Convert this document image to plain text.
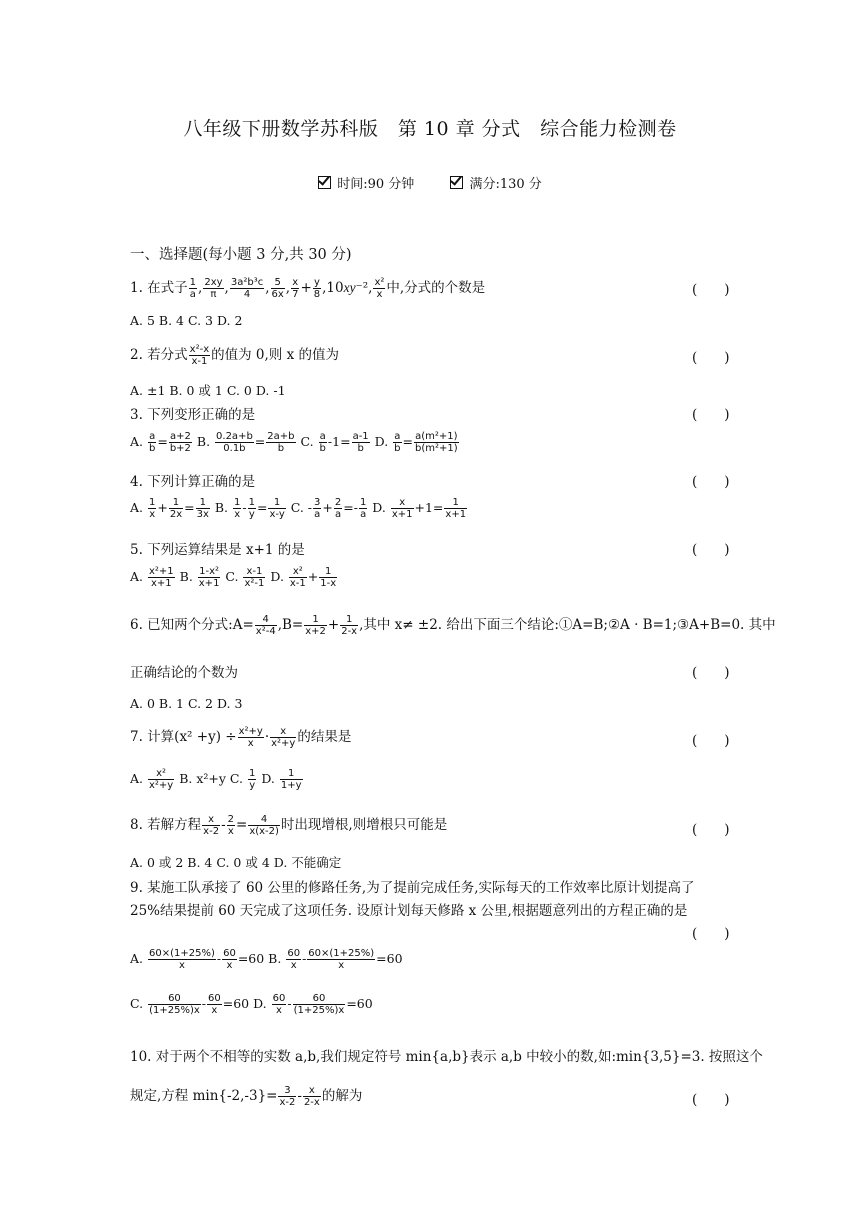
八年级下册数学苏科版　第 10 章 分式　综合能力检测卷
时间:90 分钟	满分:130 分
一、选择题(每小题 3 分,共 30 分)
1. 在式子 $\frac{1}{a}$ , $\frac{2xy}{\pi}$ , $\frac{\text{3a²b³c}}{4}$ , $\frac{5}{6x}$ , $\frac{x}{7} + \frac{y}{8} ,10xy^{-2}$, $\frac{\text{x²}}{x}$ 中,分式的个数是	(　　)
A. 5 B. 4 C. 3 D. 2
2. 若分式 $\frac{\text{x²-x}}{x-1}$ 的值为 0,则 x 的值为	(　　)
A. ±1 B. 0 或 1 C. 0 D. -1
3. 下列变形正确的是	(　　)
A. $\frac{a}{b} = \frac{a+2}{b+2} B$. $\frac{0.2a+b}{0.1b} = \frac{2a+b}{b} C$. $\frac{a}{b} -1= \frac{a-1}{b} D$. $\frac{a}{b} = \frac{\text{a(m²+1)}}{\text{b(m²+1)}}$
4. 下列计算正确的是	(　　)
A. $\frac{1}{x} + \frac{1}{2x} = \frac{1}{3x} B$. $\frac{1}{x} - \frac{1}{y} = \frac{1}{x-y} C$. - $\frac{3}{a} + \frac{2}{a} =- \frac{1}{a} D$. $\frac{x}{x+1} +1= \frac{1}{x+1}$
5. 下列运算结果是 x+1 的是	(　　)
A. $\frac{\text{x²+1}}{x+1} B$. $\frac{\text{1-x²}}{x+1} C$. $\frac{x-1}{\text{x²-1}} D$. $\frac{\text{x²}}{x-1} + \frac{1}{1-x}$
6. 已知两个分式:A= $\frac{4}{\text{x²-4}} ,B= \frac{1}{x+2} + \frac{1}{2-x}$ ,其中 x≠ ±2. 给出下面三个结论:①A=B;②A · B=1;③A+B=0. 其中
正确结论的个数为	(　　)
A. 0 B. 1 C. 2 D. 3
7. 计算$(x^2 +y) \div \frac{\text{x²+y}}{x} \cdot \frac{x}{\text{x²+y}}$ 的结果是	(　　)
A. $\frac{\text{x²}}{\text{x²+y}} B$. x²+y C. $\frac{1}{y} D$. $\frac{1}{1+y}$
8. 若解方程 $\frac{x}{x-2} - \frac{2}{x} = \frac{4}{x(x-2)}$ 时出现增根,则增根只可能是	(　　)
A. 0 或 2 B. 4 C. 0 或 4 D. 不能确定
9. 某施工队承接了 60 公里的修路任务,为了提前完成任务,实际每天的工作效率比原计划提高了
25%结果提前 60 天完成了这项任务. 设原计划每天修路 x 公里,根据题意列出的方程正确的是
(　　)
A. $\frac{60\times(1+25\%)}{x} - \frac{60}{x} =60$ B. $\frac{60}{x} - \frac{60\times(1+25\%)}{x} =60$
C. $\frac{60}{(1+25\%)x} - \frac{60}{x} =60$ D. $\frac{60}{x} - \frac{60}{(1+25\%)x} =60$
10. 对于两个不相等的实数 a,b,我们规定符号 min{a,b}表示 a,b 中较小的数,如:min{3,5}=3. 按照这个
规定,方程 $\min\{-2,-3\}= \frac{3}{x-2} - \frac{x}{2-x}$ 的解为	(　　)
